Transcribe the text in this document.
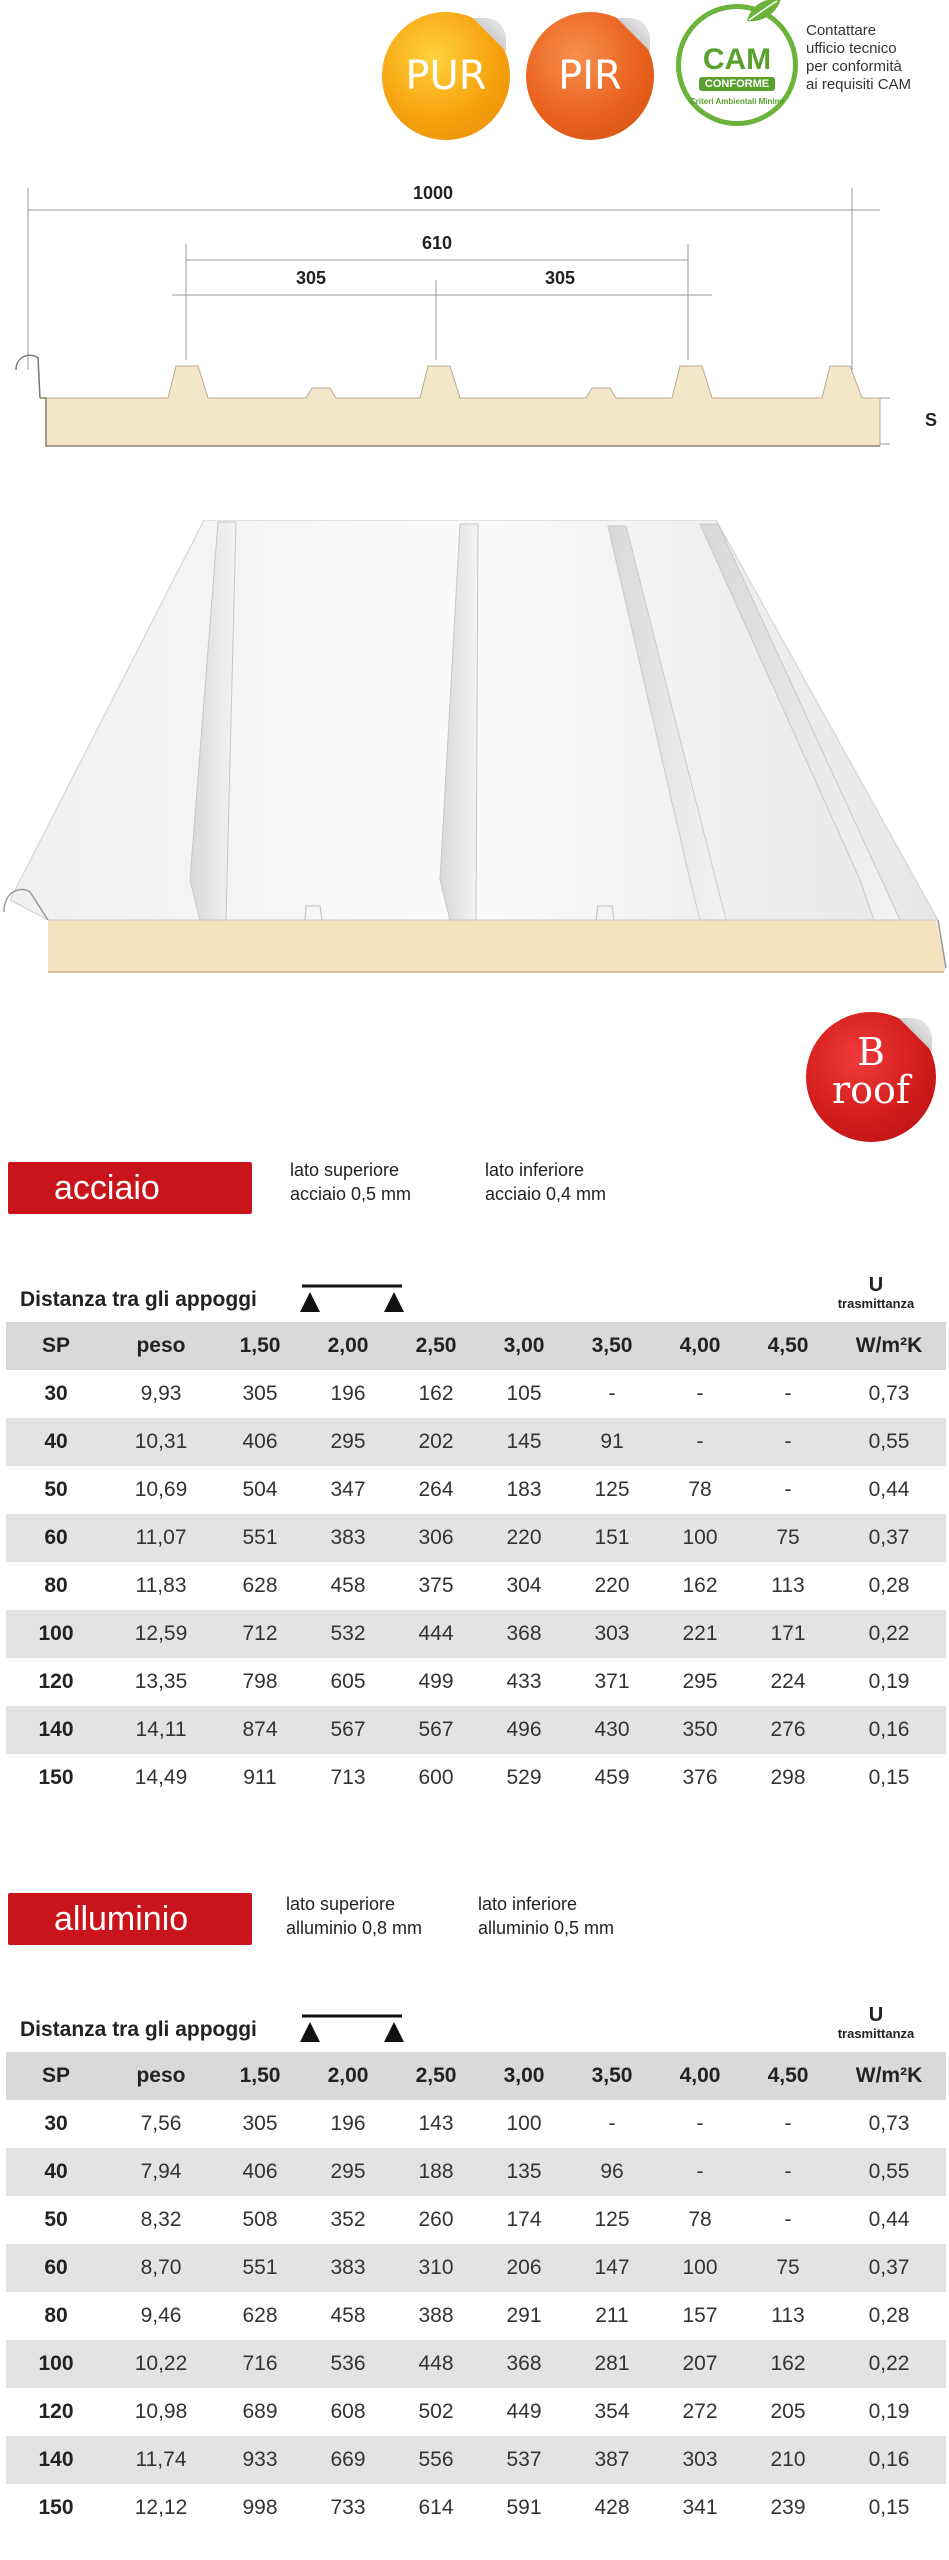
PUR PIR	CAM
CONFORME
Criteri Ambientali Minimi
Contattare
ufficio tecnico
per conformità
ai requisiti CAM
1000
610
305	305
S
B
roof
acciaio	lato superiore
acciaio 0,5 mm
lato inferiore
acciaio 0,4 mm
Distanza tra gli appoggi
U
trasmittanza
SP	peso	1,50	2,00	2,50	3,00	3,50	4,00	4,50	W/m²K
30	9,93	305	196	162	105	-	-	-	0,73
40	10,31	406	295	202	145	91	-	-	0,55
50	10,69	504	347	264	183	125	78	-	0,44
60	11,07	551	383	306	220	151	100	75	0,37
80	11,83	628	458	375	304	220	162	113	0,28
100	12,59	712	532	444	368	303	221	171	0,22
120	13,35	798	605	499	433	371	295	224	0,19
140	14,11	874	567	567	496	430	350	276	0,16
150	14,49	911	713	600	529	459	376	298	0,15
alluminio	lato superiore
alluminio 0,8 mm
lato inferiore
alluminio 0,5 mm
Distanza tra gli appoggi
U
trasmittanza
SP	peso	1,50	2,00	2,50	3,00	3,50	4,00	4,50	W/m²K
30	7,56	305	196	143	100	-	-	-	0,73
40	7,94	406	295	188	135	96	-	-	0,55
50	8,32	508	352	260	174	125	78	-	0,44
60	8,70	551	383	310	206	147	100	75	0,37
80	9,46	628	458	388	291	211	157	113	0,28
100	10,22	716	536	448	368	281	207	162	0,22
120	10,98	689	608	502	449	354	272	205	0,19
140	11,74	933	669	556	537	387	303	210	0,16
150	12,12	998	733	614	591	428	341	239	0,15
